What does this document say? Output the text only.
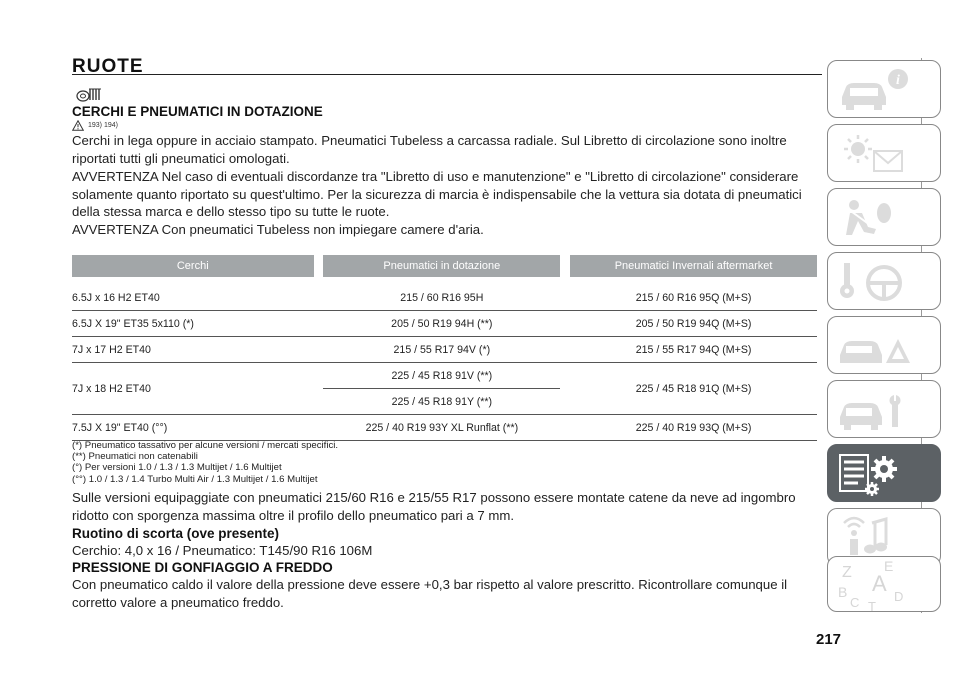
RUOTE
CERCHI E PNEUMATICI IN DOTAZIONE
193) 194)

Cerchi in lega oppure in acciaio stampato. Pneumatici Tubeless a carcassa radiale. Sul Libretto di circolazione sono inoltre riportati tutti gli pneumatici omologati.

AVVERTENZA Nel caso di eventuali discordanze tra "Libretto di uso e manutenzione" e "Libretto di circolazione" considerare solamente quanto riportato su quest'ultimo. Per la sicurezza di marcia è indispensabile che la vettura sia dotata di pneumatici della stessa marca e dello stesso tipo su tutte le ruote.

AVVERTENZA Con pneumatici Tubeless non impiegare camere d'aria.

Cerchi		Pneumatici in dotazione		Pneumatici Invernali aftermarket

6.5J x 16 H2 ET40		215 / 60 R16 95H		215 / 60 R16 95Q (M+S)
6.5J X 19" ET35 5x110 (*)		205 / 50 R19 94H (**)		205 / 50 R19 94Q (M+S)
7J x 17 H2 ET40		215 / 55 R17 94V (*)		215 / 55 R17 94Q (M+S)
7J x 18 H2 ET40		225 / 45 R18 91V (**)		225 / 45 R18 91Q (M+S)
		225 / 45 R18 91Y (**)		
7.5J X 19" ET40 (°°)		225 / 40 R19 93Y XL Runflat (**)		225 / 40 R19 93Q (M+S)
(*) Pneumatico tassativo per alcune versioni / mercati specifici.
(**) Pneumatici non catenabili
(°) Per versioni 1.0 / 1.3 / 1.3 Multijet / 1.6 Multijet
(°°) 1.0 / 1.3 / 1.4 Turbo Multi Air / 1.3 Multijet / 1.6 Multijet

Sulle versioni equipaggiate con pneumatici 215/60 R16 e 215/55 R17 possono essere montate catene da neve ad ingombro ridotto con sporgenza massima oltre il profilo dello pneumatico pari a 7 mm.

Ruotino di scorta (ove presente)

Cerchio: 4,0 x 16 / Pneumatico: T145/90 R16 106M

PRESSIONE DI GONFIAGGIO A FREDDO

Con pneumatico caldo il valore della pressione deve essere +0,3 bar rispetto al valore prescritto. Ricontrollare comunque il corretto valore a pneumatico freddo.

217
i
Z E
B A
C	D
T
